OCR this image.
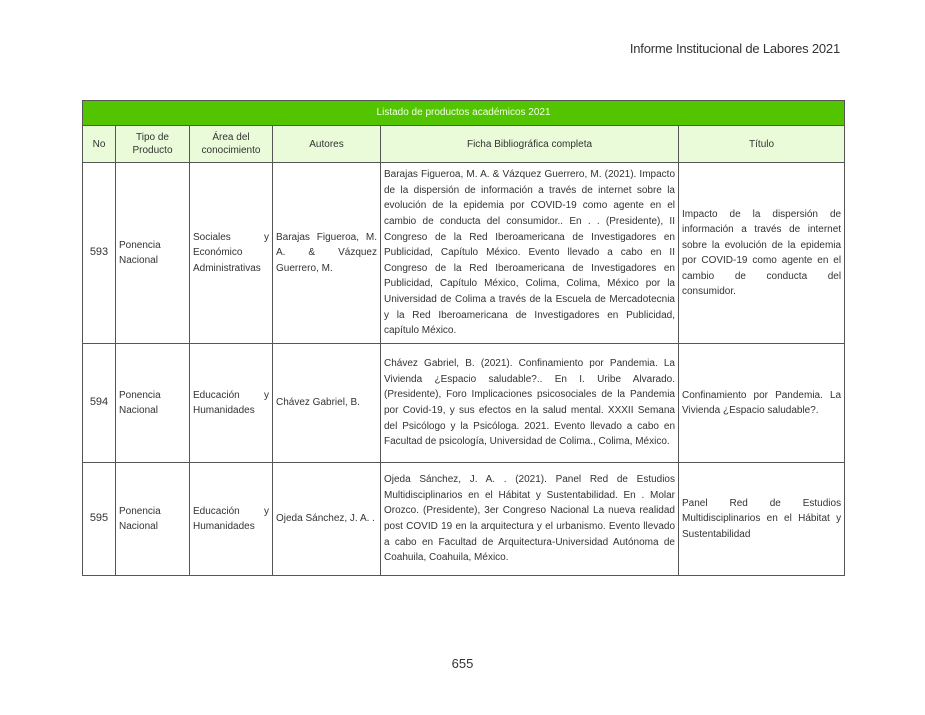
Informe Institucional de Labores 2021
Listado de productos académicos 2021					
No	Tipo de Producto	Área del conocimiento	Autores	Ficha Bibliográfica completa	Título
593	Ponencia Nacional	Sociales y Económico Administrativas	Barajas Figueroa, M. A. & Vázquez Guerrero, M.	Barajas Figueroa, M. A. & Vázquez Guerrero, M. (2021). Impacto de la dispersión de información a través de internet sobre la evolución de la epidemia por COVID-19 como agente en el cambio de conducta del consumidor.. En . . (Presidente), II Congreso de la Red Iberoamericana de Investigadores en Publicidad, Capítulo México. Evento llevado a cabo en II Congreso de la Red Iberoamericana de Investigadores en Publicidad, Capítulo México, Colima, Colima, México por la Universidad de Colima a través de la Escuela de Mercadotecnia y la Red Iberoamericana de Investigadores en Publicidad, capítulo México.	Impacto de la dispersión de información a través de internet sobre la evolución de la epidemia por COVID-19 como agente en el cambio de conducta del consumidor.
594	Ponencia Nacional	Educación y Humanidades	Chávez Gabriel, B.	Chávez Gabriel, B. (2021). Confinamiento por Pandemia. La Vivienda ¿Espacio saludable?.. En I. Uribe Alvarado. (Presidente), Foro Implicaciones psicosociales de la Pandemia por Covid-19, y sus efectos en la salud mental. XXXII Semana del Psicólogo y la Psicóloga. 2021. Evento llevado a cabo en Facultad de psicología, Universidad de Colima., Colima, México.	Confinamiento por Pandemia. La Vivienda ¿Espacio saludable?.
595	Ponencia Nacional	Educación y Humanidades	Ojeda Sánchez, J. A. .	Ojeda Sánchez, J. A. . (2021). Panel Red de Estudios Multidisciplinarios en el Hábitat y Sustentabilidad. En . Molar Orozco. (Presidente), 3er Congreso Nacional La nueva realidad post COVID 19 en la arquitectura y el urbanismo. Evento llevado a cabo en Facultad de Arquitectura-Universidad Autónoma de Coahuila, Coahuila, México.	Panel Red de Estudios Multidisciplinarios en el Hábitat y Sustentabilidad
655
